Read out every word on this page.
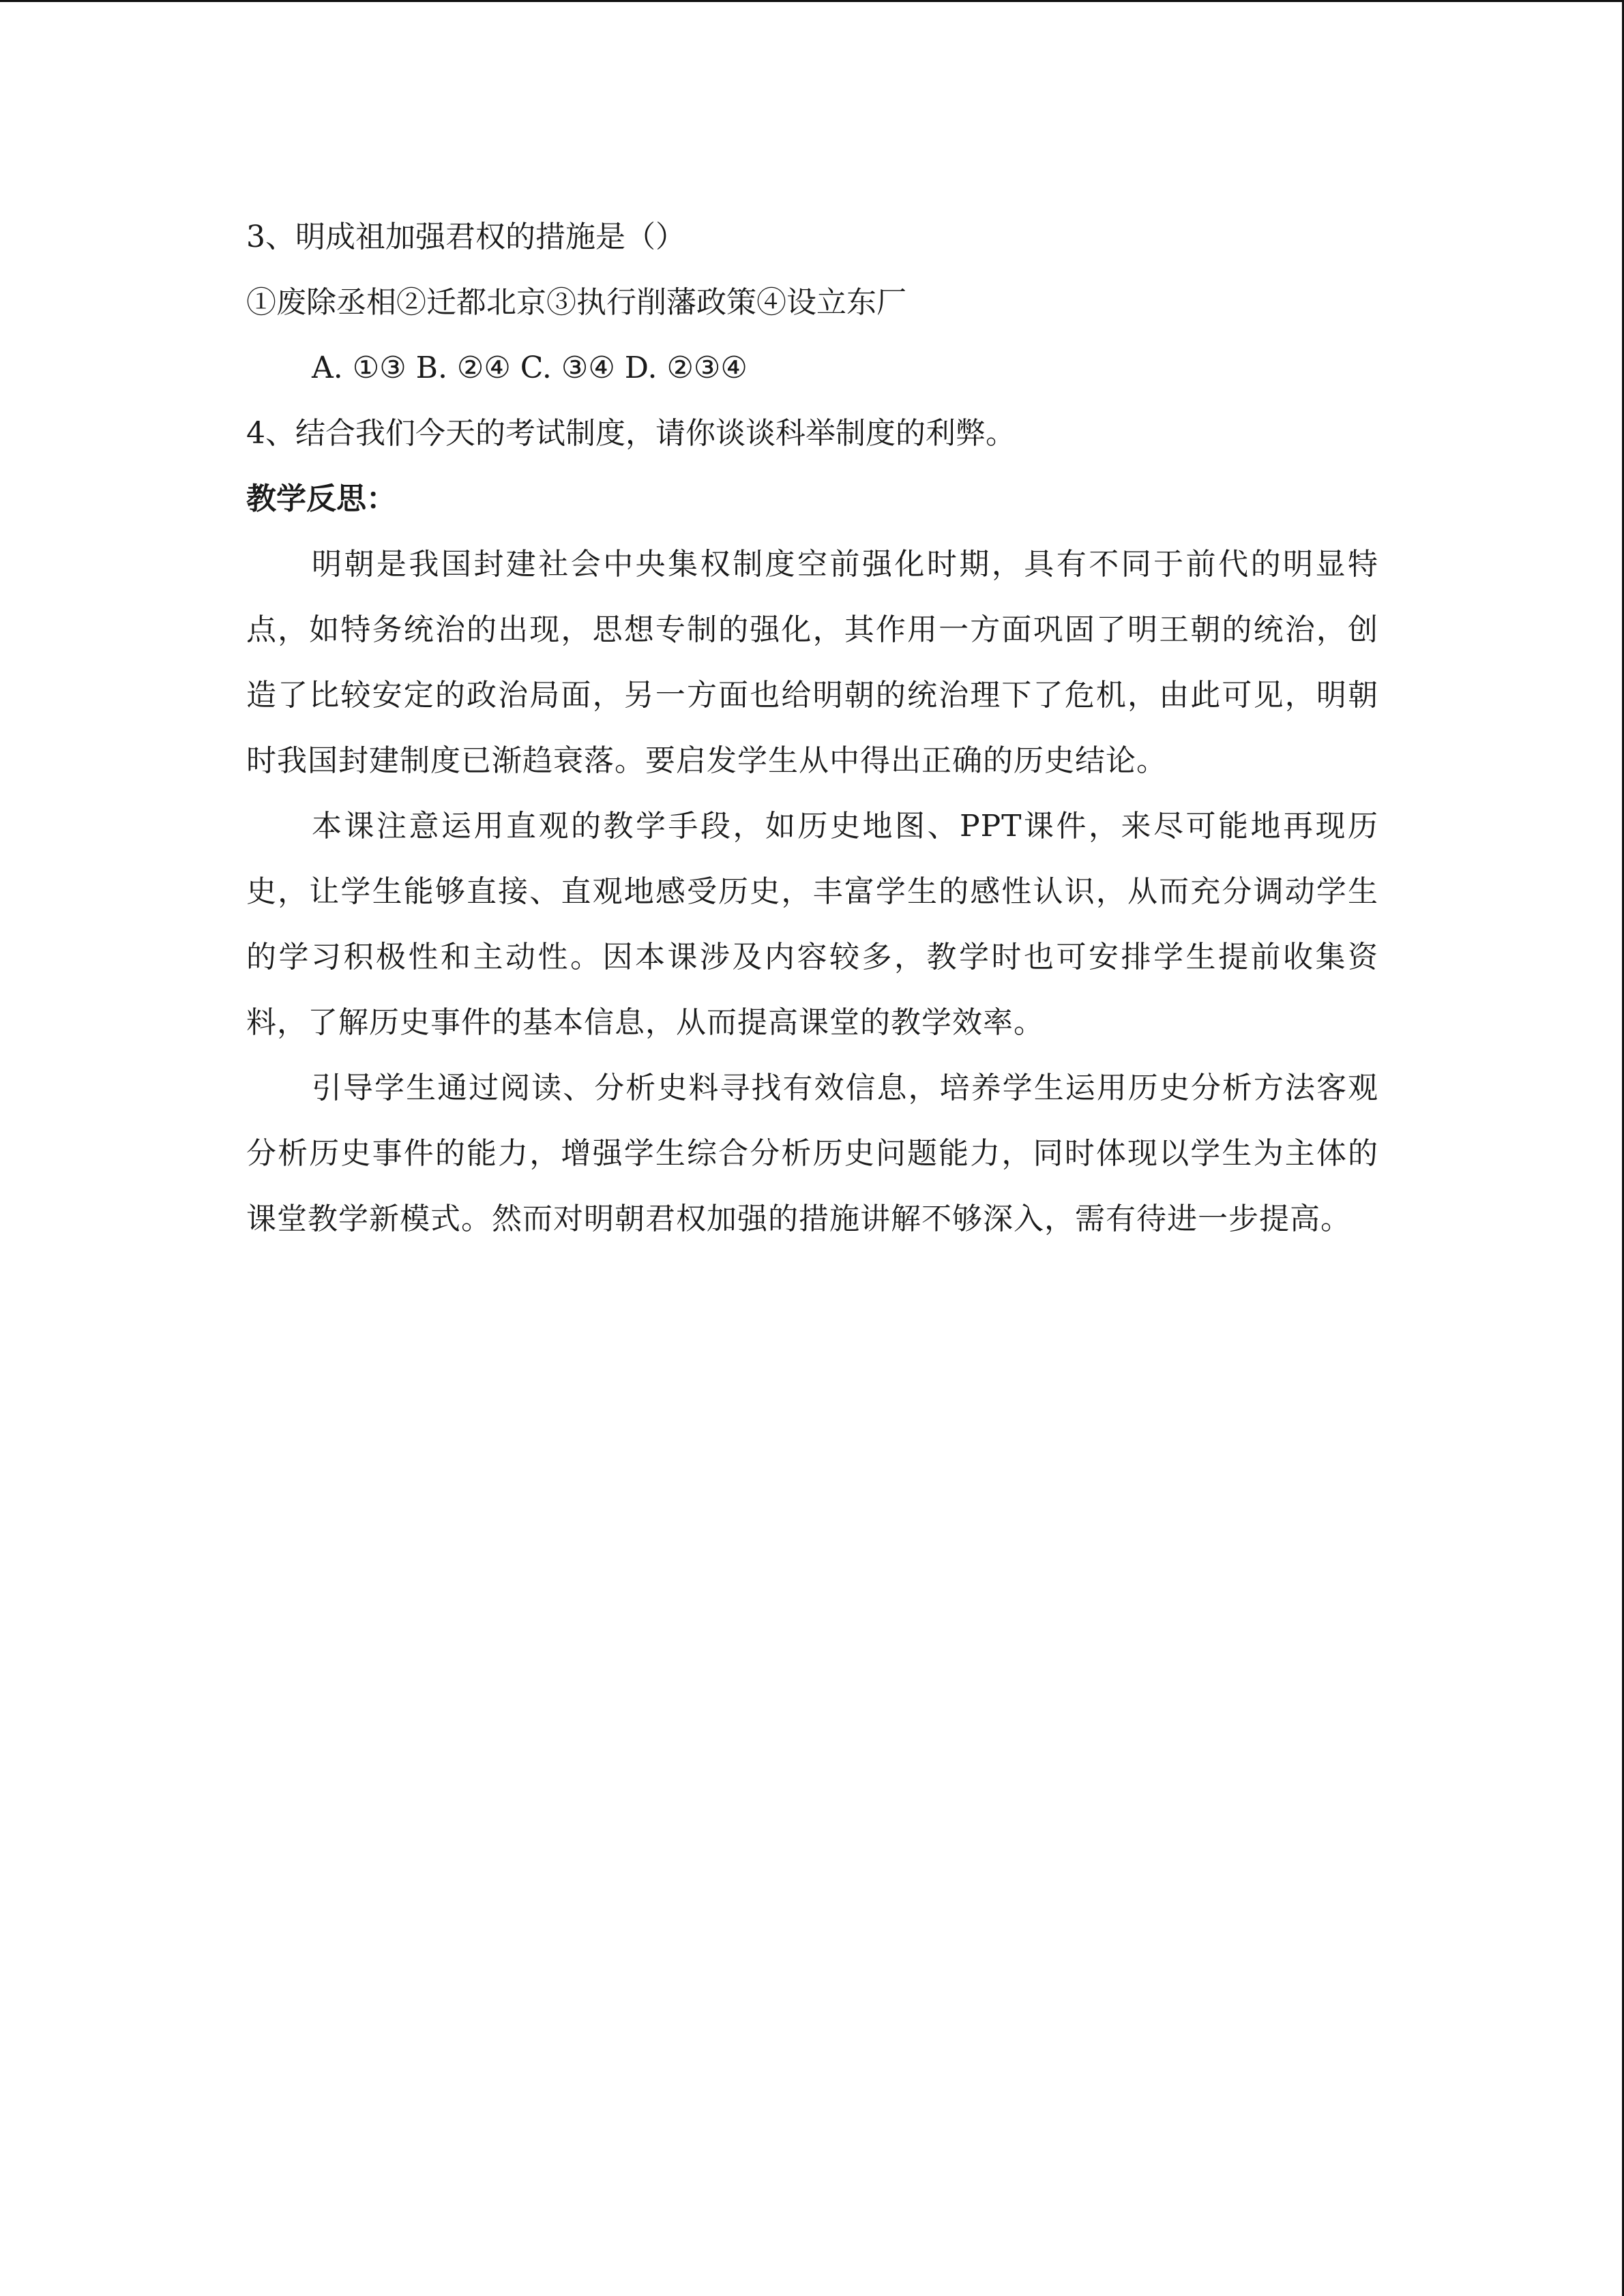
3、明成祖加强君权的措施是（）

①废除丞相②迁都北京③执行削藩政策④设立东厂

A. ①③ B. ②④ C. ③④ D. ②③④

4、结合我们今天的考试制度，请你谈谈科举制度的利弊。

教学反思：

明朝是我国封建社会中央集权制度空前强化时期，具有不同于前代的明显特点，如特务统治的出现，思想专制的强化，其作用一方面巩固了明王朝的统治，创造了比较安定的政治局面，另一方面也给明朝的统治理下了危机，由此可见，明朝时我国封建制度已渐趋衰落。要启发学生从中得出正确的历史结论。

本课注意运用直观的教学手段，如历史地图、PPT课件，来尽可能地再现历史，让学生能够直接、直观地感受历史，丰富学生的感性认识，从而充分调动学生的学习积极性和主动性。因本课涉及内容较多，教学时也可安排学生提前收集资料，了解历史事件的基本信息，从而提高课堂的教学效率。

引导学生通过阅读、分析史料寻找有效信息，培养学生运用历史分析方法客观分析历史事件的能力，增强学生综合分析历史问题能力，同时体现以学生为主体的课堂教学新模式。然而对明朝君权加强的措施讲解不够深入，需有待进一步提高。
